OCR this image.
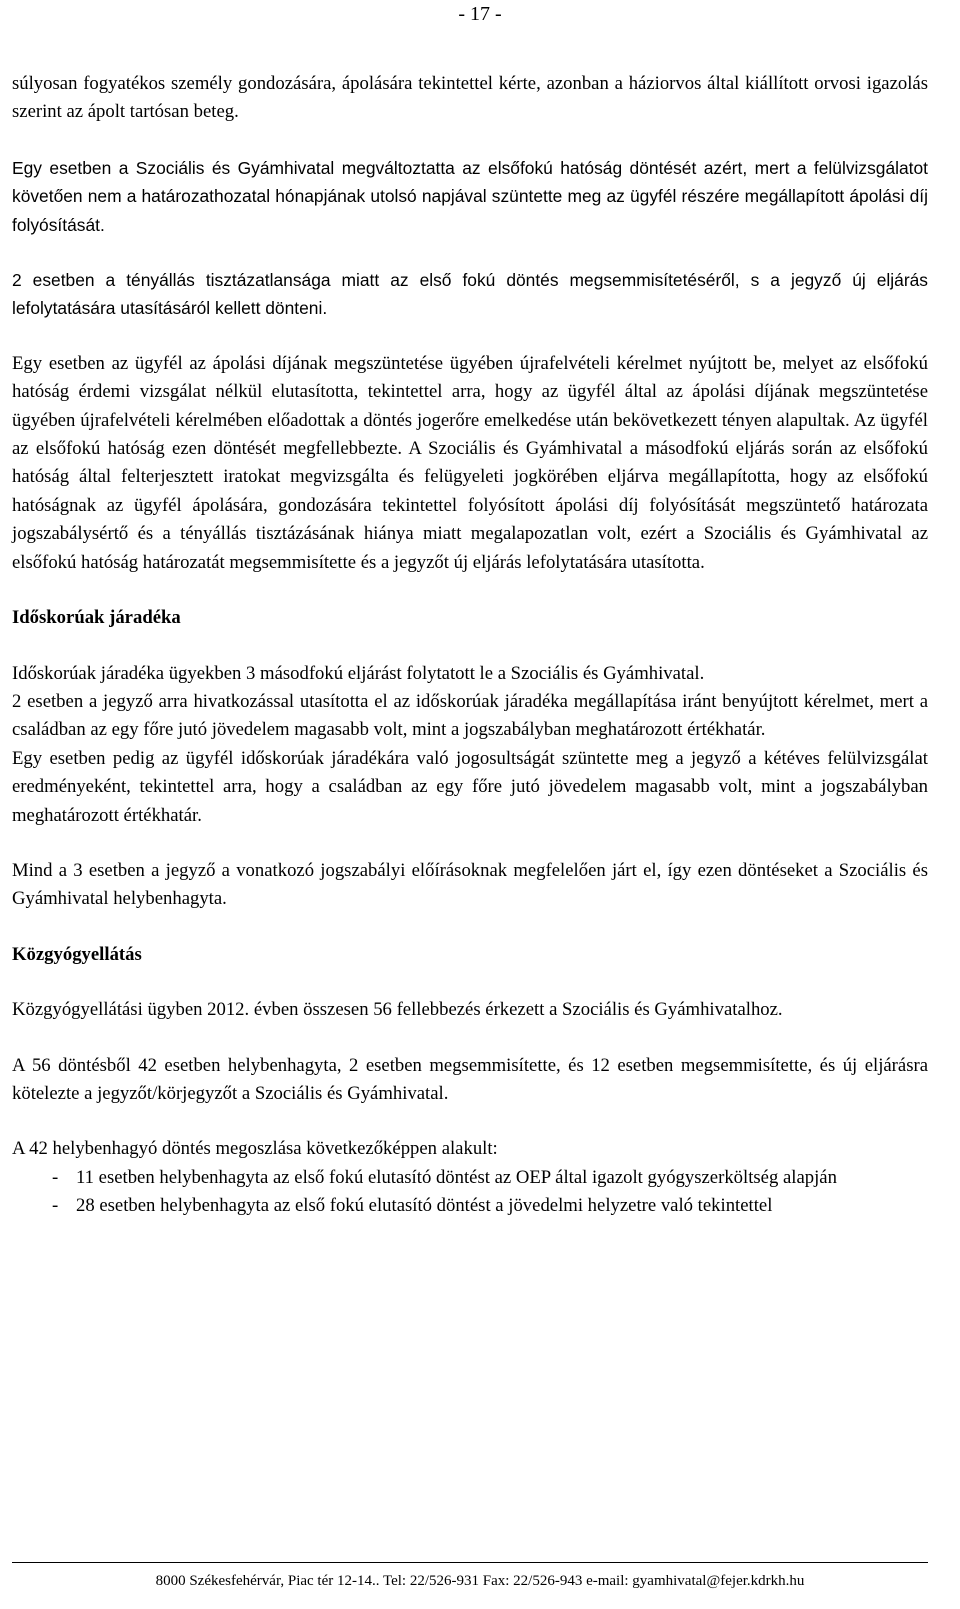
- 17 -

súlyosan fogyatékos személy gondozására, ápolására tekintettel kérte, azonban a háziorvos által kiállított orvosi igazolás szerint az ápolt tartósan beteg.

Egy esetben a Szociális és Gyámhivatal megváltoztatta az elsőfokú hatóság döntését azért, mert a felülvizsgálatot követően nem a határozathozatal hónapjának utolsó napjával szüntette meg az ügyfél részére megállapított ápolási díj folyósítását.

2 esetben a tényállás tisztázatlansága miatt az első fokú döntés megsemmisítetéséről, s a jegyző új eljárás lefolytatására utasításáról kellett dönteni.

Egy esetben az ügyfél az ápolási díjának megszüntetése ügyében újrafelvételi kérelmet nyújtott be, melyet az elsőfokú hatóság érdemi vizsgálat nélkül elutasította, tekintettel arra, hogy az ügyfél által az ápolási díjának megszüntetése ügyében újrafelvételi kérelmében előadottak a döntés jogerőre emelkedése után bekövetkezett tényen alapultak. Az ügyfél az elsőfokú hatóság ezen döntését megfellebbezte. A Szociális és Gyámhivatal a másodfokú eljárás során az elsőfokú hatóság által felterjesztett iratokat megvizsgálta és felügyeleti jogkörében eljárva megállapította, hogy az elsőfokú hatóságnak az ügyfél ápolására, gondozására tekintettel folyósított ápolási díj folyósítását megszüntető határozata jogszabálysértő és a tényállás tisztázásának hiánya miatt megalapozatlan volt, ezért a Szociális és Gyámhivatal az elsőfokú hatóság határozatát megsemmisítette és a jegyzőt új eljárás lefolytatására utasította.

Időskorúak járadéka

Időskorúak járadéka ügyekben 3 másodfokú eljárást folytatott le a Szociális és Gyámhivatal.

2 esetben a jegyző arra hivatkozással utasította el az időskorúak járadéka megállapítása iránt benyújtott kérelmet, mert a családban az egy főre jutó jövedelem magasabb volt, mint a jogszabályban meghatározott értékhatár.

Egy esetben pedig az ügyfél időskorúak járadékára való jogosultságát szüntette meg a jegyző a kétéves felülvizsgálat eredményeként, tekintettel arra, hogy a családban az egy főre jutó jövedelem magasabb volt, mint a jogszabályban meghatározott értékhatár.

Mind a 3 esetben a jegyző a vonatkozó jogszabályi előírásoknak megfelelően járt el, így ezen döntéseket a Szociális és Gyámhivatal helybenhagyta.

Közgyógyellátás

Közgyógyellátási ügyben 2012. évben összesen 56 fellebbezés érkezett a Szociális és Gyámhivatalhoz.

A 56 döntésből 42 esetben helybenhagyta, 2 esetben megsemmisítette, és 12 esetben megsemmisítette, és új eljárásra kötelezte a jegyzőt/körjegyzőt a Szociális és Gyámhivatal.

A 42 helybenhagyó döntés megoszlása következőképpen alakult:

- 11 esetben helybenhagyta az első fokú elutasító döntést az OEP által igazolt gyógyszerköltség alapján
- 28 esetben helybenhagyta az első fokú elutasító döntést a jövedelmi helyzetre való tekintettel
8000 Székesfehérvár, Piac tér 12-14.. Tel: 22/526-931 Fax: 22/526-943 e-mail: gyamhivatal@fejer.kdrkh.hu
